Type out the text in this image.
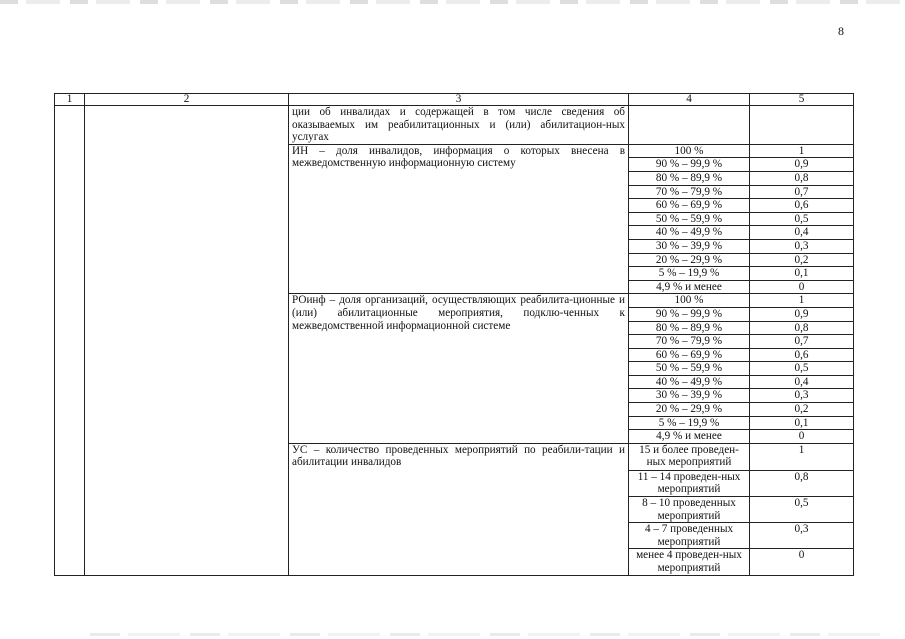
8
1	2	3	4	5
		ции об инвалидах и содержащей в том числе сведения об оказываемых им реабилитационных и (или) абилитацион-ных услугах		
		ИН – доля инвалидов, информация о которых внесена в межведомственную информационную систему	100 %	1
			90 % – 99,9 %	0,9
			80 % – 89,9 %	0,8
			70 % – 79,9 %	0,7
			60 % – 69,9 %	0,6
			50 % – 59,9 %	0,5
			40 % – 49,9 %	0,4
			30 % – 39,9 %	0,3
			20 % – 29,9 %	0,2
			5 % – 19,9 %	0,1
			4,9 % и менее	0
		РОинф – доля организаций, осуществляющих реабилита-ционные и (или) абилитационные мероприятия, подклю-ченных к межведомственной информационной системе	100 %	1
			90 % – 99,9 %	0,9
			80 % – 89,9 %	0,8
			70 % – 79,9 %	0,7
			60 % – 69,9 %	0,6
			50 % – 59,9 %	0,5
			40 % – 49,9 %	0,4
			30 % – 39,9 %	0,3
			20 % – 29,9 %	0,2
			5 % – 19,9 %	0,1
			4,9 % и менее	0
		УС – количество проведенных мероприятий по реабили-тации и абилитации инвалидов	15 и более проведен-ных мероприятий	1
			11 – 14 проведен-ных мероприятий	0,8
			8 – 10 проведенных мероприятий	0,5
			4 – 7 проведенных мероприятий	0,3
			менее 4 проведен-ных мероприятий	0
